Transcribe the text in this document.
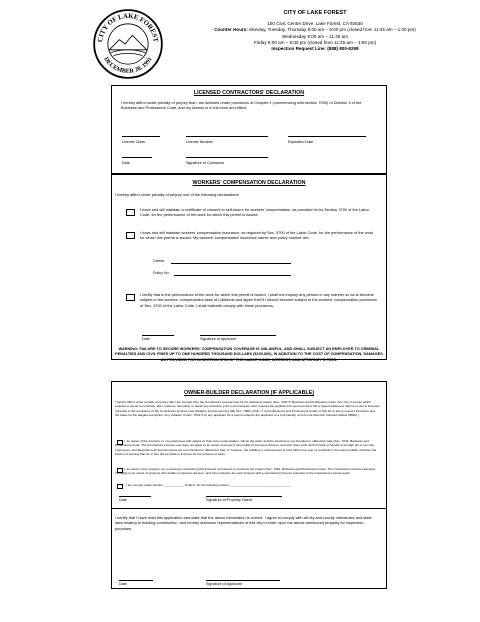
CITY OF LAKE FOREST
DECEMBER 20, 1991
CITY OF LAKE FOREST
100 Civic Center Drive, Lake Forest, CA 92630
Counter Hours: Monday, Tuesday, Thursday 8:00 am – 6:00 pm (closed from 11:45 am – 1:00 pm)
Wednesday 8:00 am – 11:45 am
Friday 8:00 am – 5:00 pm (closed from 11:45 am – 1:00 pm)
Inspection Request Line: (888) 800-6298
LICENSED CONTRACTORS' DECLARATION
I hereby affirm under penalty of perjury that I am licensed under provisions of Chapter 9 (commencing with section 7000) of Division 3 of the Business and Professions Code, and my license is in full force and effect.
License Class	License Number	Expiration Date
Date	Signature of Contractor
WORKERS' COMPENSATION DECLARATION
I hereby affirm under penalty of perjury one of the following declarations:
I have and will maintain a certificate of consent to self-insure for workers' compensation, as provided for by Section 3700 of the Labor Code, for the performance of the work for which this permit is issued.
I have and will maintain workers' compensation insurance, as required by Sec. 3700 of the Labor Code, for the performance of the work for which this permit is issued. My workers' compensation insurance carrier and policy number are:
Carrier:
Policy No:
I certify that in the performance of the work for which this permit is issued, I shall not employ any person in any manner so as to become subject to the workers' compensation laws of California and agree that if I should become subject to the workers' compensation provisions of Sec. 3700 of the Labor Code, I shall forthwith comply with those provisions.
Date	Signature of Applicant
WARNING: FAILURE TO SECURE WORKERS' COMPENSATION COVERAGE IS UNLAWFUL, AND SHALL SUBJECT AN EMPLOYER TO CRIMINAL PENALTIES AND CIVIL FINES UP TO ONE HUNDRED THOUSAND DOLLARS ($100,000), IN ADDITION TO THE COST OF COMPENSATION, DAMAGES AS PROVIDED FOR IN SECTION 3706 OF THE LABOR CODE, INTEREST, AND ATTORNEY'S FEES.
OWNER-BUILDER DECLARATION (IF APPLICABLE)
I hereby affirm under penalty of perjury that I am exempt from the Contractors License Law for the following reason (Sec. 7031.5, Business and Professions Code. Any city or county which requires a permit to construct, alter, improve, demolish, or repair any structure, prior to its issuance, also requires the applicant for such permit to file a signed statement that he or she is licensed pursuant to the provisions of the Contractors License Law (Chapter 9 (commencing with Sec. 7000) of Div. 3 of the Business and Professions Code) or that he or she is exempt therefrom and the basis for the alleged exemption. Any violation of Sec. 7031.5 by any applicant for a permit subjects the applicant to a civil penalty of not more than five hundred dollars ($500).)
I, as owner of the property, or my employees with wages as their sole compensation, will do the work, and the structure is not intended or offered for sale (Sec. 7044, Business and Professions Code: The Contractors License Law does not apply to an owner of property who builds or improves thereon, and who does such work himself or herself or through his or her own employees, provided that such improvements are not intended or offered for sale. If, however, the building or improvement is sold within one year of completion, the owner-builder will have the burden of proving that he or she did not build or improve for the purpose of sale).
I, as owner of the property, am exclusively contracting with licensed contractors to construct the project (Sec. 7044, Business and Professions Code: The Contractors License Law does not apply to an owner of property who builds or improves thereon, and who contracts for such projects with a contractor(s) license pursuant to the Contractors License Law).
I am exempt under Section ____________ B.&P.C. for the following reason: ___________________________________
Date	Signature of Property Owner
I certify that I have read this application and state that the above information is correct. I agree to comply with all city and county ordinances and state laws relating to building construction, and hereby authorize representatives of this city to enter upon the above-mentioned property for inspection purposes.
Date	Signature of Applicant
